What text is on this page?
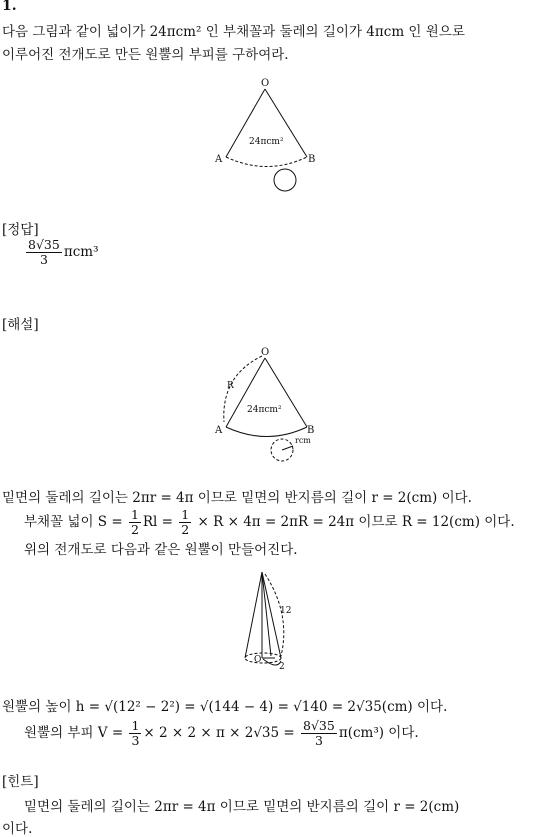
1.
다음 그림과 같이 넓이가 24πcm² 인 부채꼴과 둘레의 길이가 4πcm 인 원으로
이루어진 전개도로 만든 원뿔의 부피를 구하여라.
O
A	B
24πcm²
[정답]
$\frac{8√35}{3} \pi cm^3$
[해설]
O
R
A	B
24πcm²
rcm
밑면의 둘레의 길이는 2πr = 4π 이므로 밑면의 반지름의 길이 r = 2(cm) 이다.
부채꼴 넓이 $S = \frac{1}{2}$ $Rl = \frac{1}{2} \times R \times 4\pi = 2\pi R = 24\pi$ 이므로 R = 12(cm) 이다.
위의 전개도로 다음과 같은 원뿔이 만들어진다.
12
O
2
원뿔의 높이 h = √(12² − 2²) = √(144 − 4) = √140 = 2√35(cm) 이다.
원뿔의 부피 $V = \frac{1}{3} \times 2 \times 2 \times \pi \times 2√35 = \frac{8√35}{3} \pi(cm^3)$ 이다.
[힌트]
밑면의 둘레의 길이는 2πr = 4π 이므로 밑면의 반지름의 길이 r = 2(cm)
이다.
